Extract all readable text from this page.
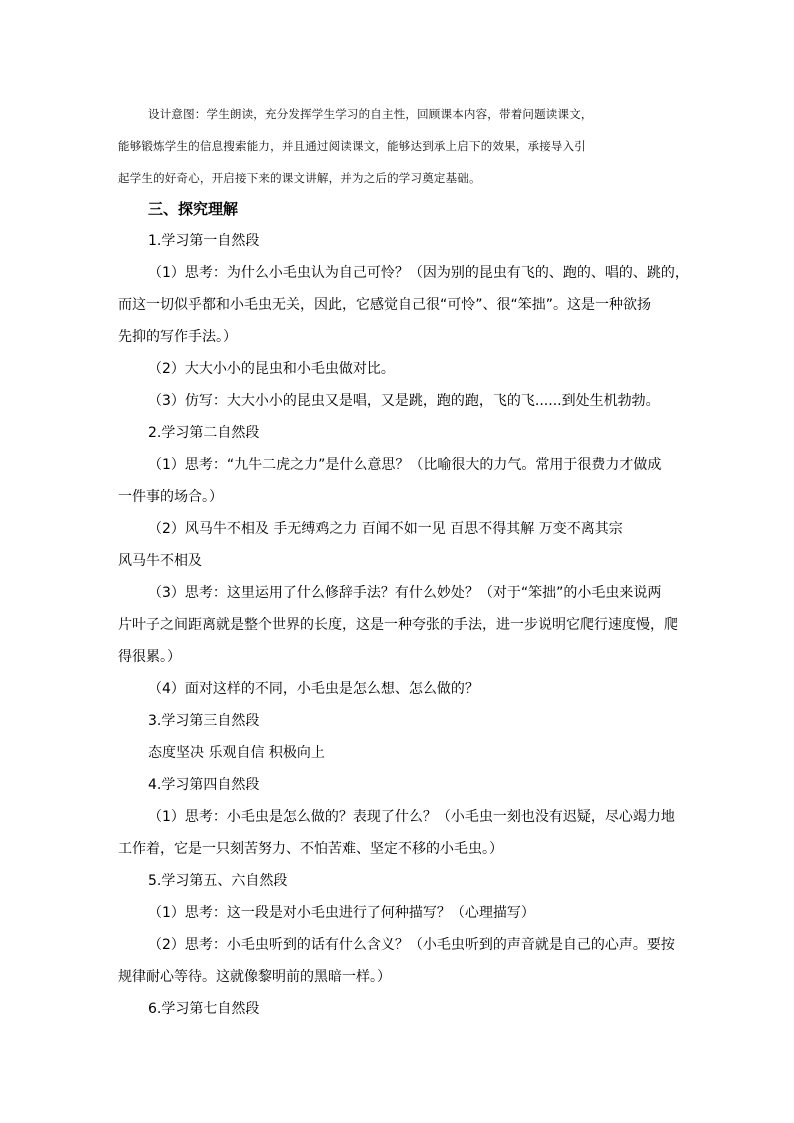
设计意图：学生朗读，充分发挥学生学习的自主性，回顾课本内容，带着问题读课文，
能够锻炼学生的信息搜索能力，并且通过阅读课文，能够达到承上启下的效果，承接导入引
起学生的好奇心，开启接下来的课文讲解，并为之后的学习奠定基础。
三、探究理解
1.学习第一自然段
（1）思考：为什么小毛虫认为自己可怜？（因为别的昆虫有飞的、跑的、唱的、跳的，
而这一切似乎都和小毛虫无关，因此，它感觉自己很“可怜”、很“笨拙”。这是一种欲扬
先抑的写作手法。）
（2）大大小小的昆虫和小毛虫做对比。
（3）仿写：大大小小的昆虫又是唱，又是跳，跑的跑，飞的飞......到处生机勃勃。
2.学习第二自然段
（1）思考：“九牛二虎之力”是什么意思？（比喻很大的力气。常用于很费力才做成
一件事的场合。）
（2）风马牛不相及 手无缚鸡之力 百闻不如一见 百思不得其解 万变不离其宗
风马牛不相及
（3）思考：这里运用了什么修辞手法？有什么妙处？（对于“笨拙”的小毛虫来说两
片叶子之间距离就是整个世界的长度，这是一种夸张的手法，进一步说明它爬行速度慢，爬
得很累。）
（4）面对这样的不同，小毛虫是怎么想、怎么做的？
3.学习第三自然段
态度坚决 乐观自信 积极向上
4.学习第四自然段
（1）思考：小毛虫是怎么做的？表现了什么？（小毛虫一刻也没有迟疑，尽心竭力地
工作着，它是一只刻苦努力、不怕苦难、坚定不移的小毛虫。）
5.学习第五、六自然段
（1）思考：这一段是对小毛虫进行了何种描写？（心理描写）
（2）思考：小毛虫听到的话有什么含义？（小毛虫听到的声音就是自己的心声。要按
规律耐心等待。这就像黎明前的黑暗一样。）
6.学习第七自然段
